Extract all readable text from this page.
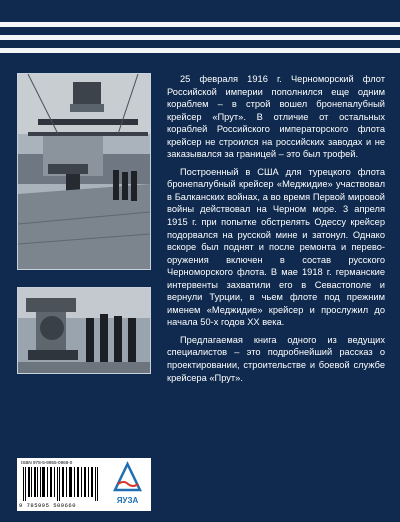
25 февраля 1916 г. Черноморский флот Российской империи пополнился еще одним кораблем – в строй вошел бронепалубный крейсер «Прут». В отличие от остальных кораблей Российского императорского флота крейсер не строился на российских заводах и не заказывался за границей – это был трофей.

Построенный в США для турецкого флота бронепалубный крейсер «Меджидие» участвовал в Балканских войнах, а во время Первой мировой войны действовал на Черном море. 3 апреля 1915 г. при попытке обстрелять Одессу крейсер подорвался на русской мине и затонул. Однако вскоре был поднят и после ремонта и перевооружения включен в состав русского Черноморского флота. В мае 1918 г. германские интервенты захватили его в Севастополе и вернули Турции, в чьем флоте под прежним именем «Меджидие» крейсер и прослужил до начала 50-х годов XX века.

Предлагаемая книга одного из ведущих специалистов – это подробнейший рассказ о проектировании, строительстве и боевой службе крейсера «Прут».

ISBN 978-5-9955-0966-0
9 785995 509660
ЯУЗА
